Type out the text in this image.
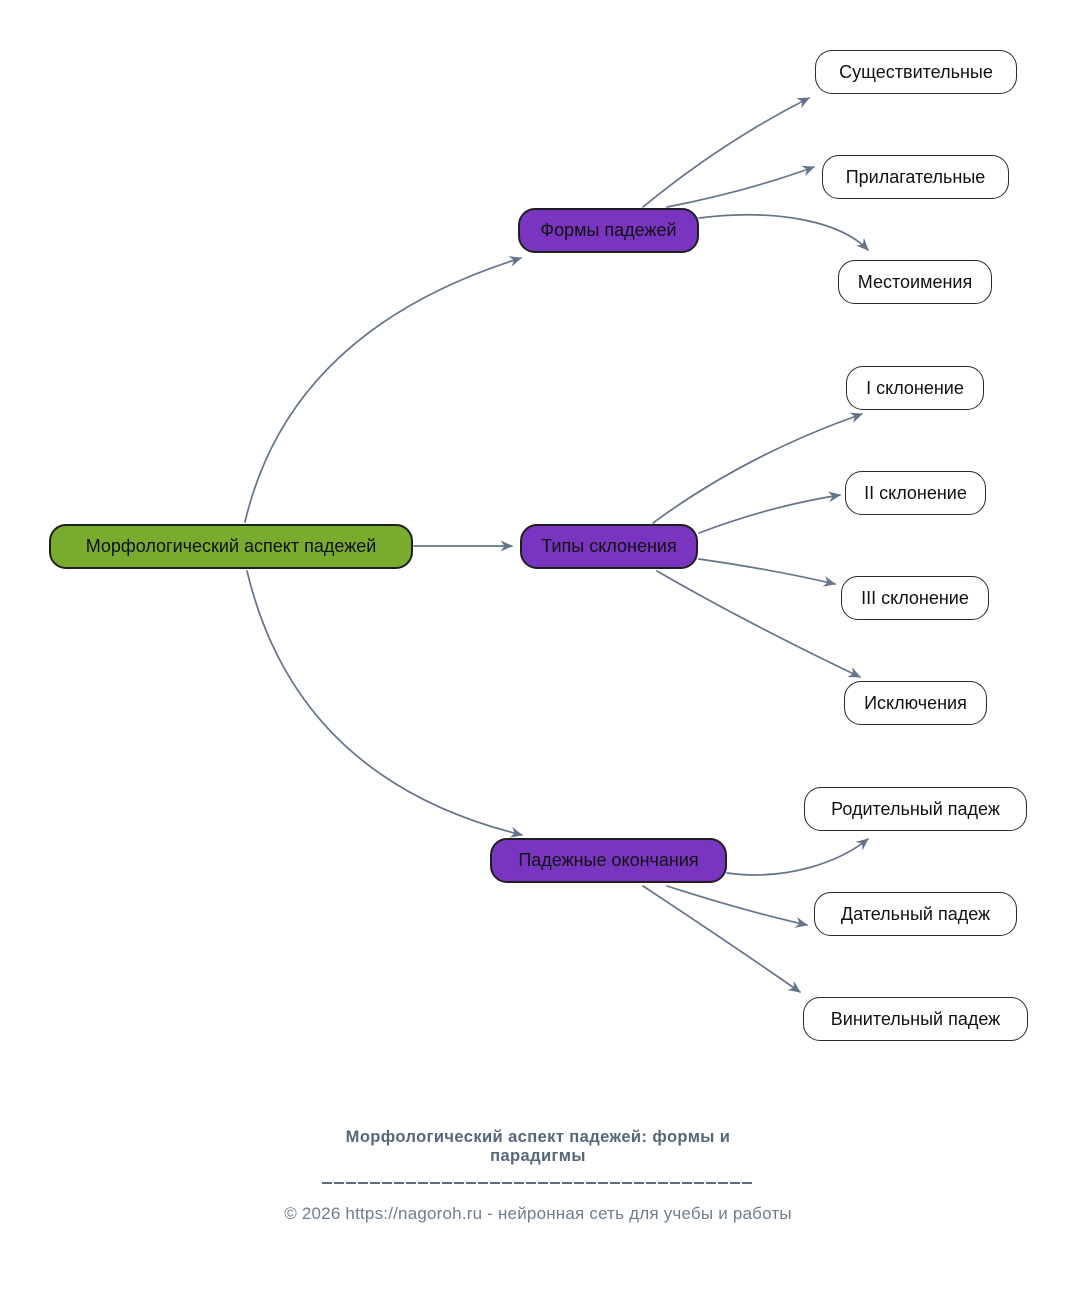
Морфологический аспект падежей
Формы падежей
Типы склонения
Падежные окончания
Существительные
Прилагательные
Местоимения
I склонение
II склонение
III склонение
Исключения
Родительный падеж
Дательный падеж
Винительный падеж
Морфологический аспект падежей: формы и парадигмы
© 2026 https://nagoroh.ru - нейронная сеть для учебы и работы
